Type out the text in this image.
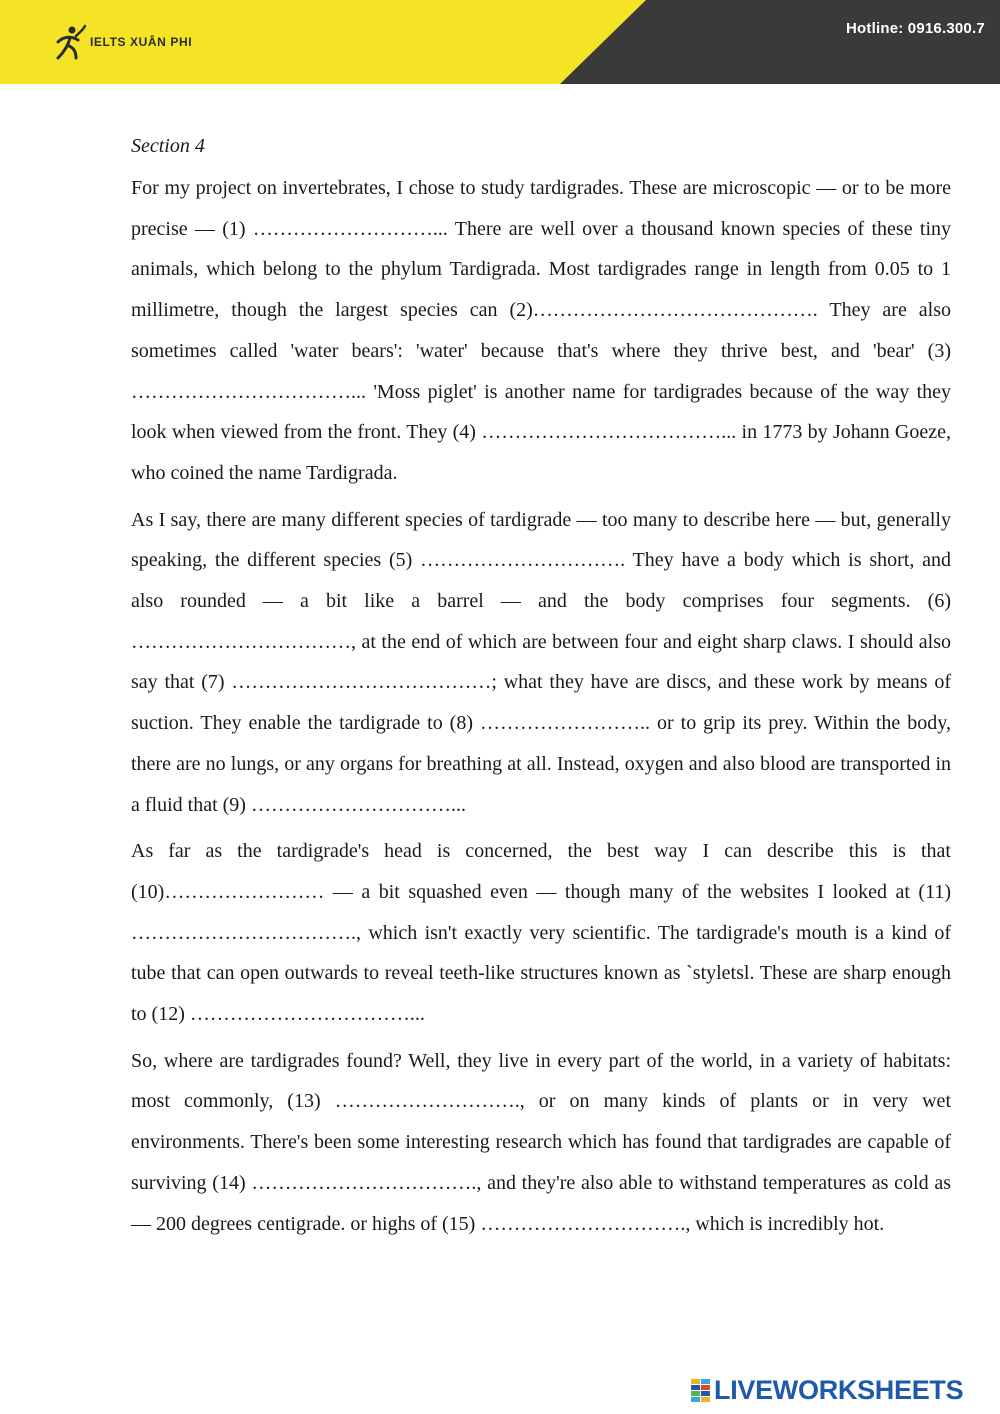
IELTS XUÂN PHI
Hotline: 0916.300.7
Section 4

For my project on invertebrates, I chose to study tardigrades. These are microscopic — or to be more precise — (1) ………………………... There are well over a thousand known species of these tiny animals, which belong to the phylum Tardigrada. Most tardigrades range in length from 0.05 to 1 millimetre, though the largest species can (2)……………………………………. They are also sometimes called 'water bears': 'water' because that's where they thrive best, and 'bear' (3) ……………………………... 'Moss piglet' is another name for tardigrades because of the way they look when viewed from the front. They (4) ………………………………... in 1773 by Johann Goeze, who coined the name Tardigrada.

As I say, there are many different species of tardigrade — too many to describe here — but, generally speaking, the different species (5) …………………………. They have a body which is short, and also rounded — a bit like a barrel — and the body comprises four segments. (6) ……………………………, at the end of which are between four and eight sharp claws. I should also say that (7) …………………………………; what they have are discs, and these work by means of suction. They enable the tardigrade to (8) …………………….. or to grip its prey. Within the body, there are no lungs, or any organs for breathing at all. Instead, oxygen and also blood are transported in a fluid that (9) …………………………...

As far as the tardigrade's head is concerned, the best way I can describe this is that (10)…………………… — a bit squashed even — though many of the websites I looked at (11) ……………………………., which isn't exactly very scientific. The tardigrade's mouth is a kind of tube that can open outwards to reveal teeth-like structures known as `styletsl. These are sharp enough to (12) ……………………………...

So, where are tardigrades found? Well, they live in every part of the world, in a variety of habitats: most commonly, (13) ………………………., or on many kinds of plants or in very wet environments. There's been some interesting research which has found that tardigrades are capable of surviving (14) ……………………………., and they're also able to withstand temperatures as cold as — 200 degrees centigrade. or highs of (15) …………………………., which is incredibly hot.

LIVEWORKSHEETS
